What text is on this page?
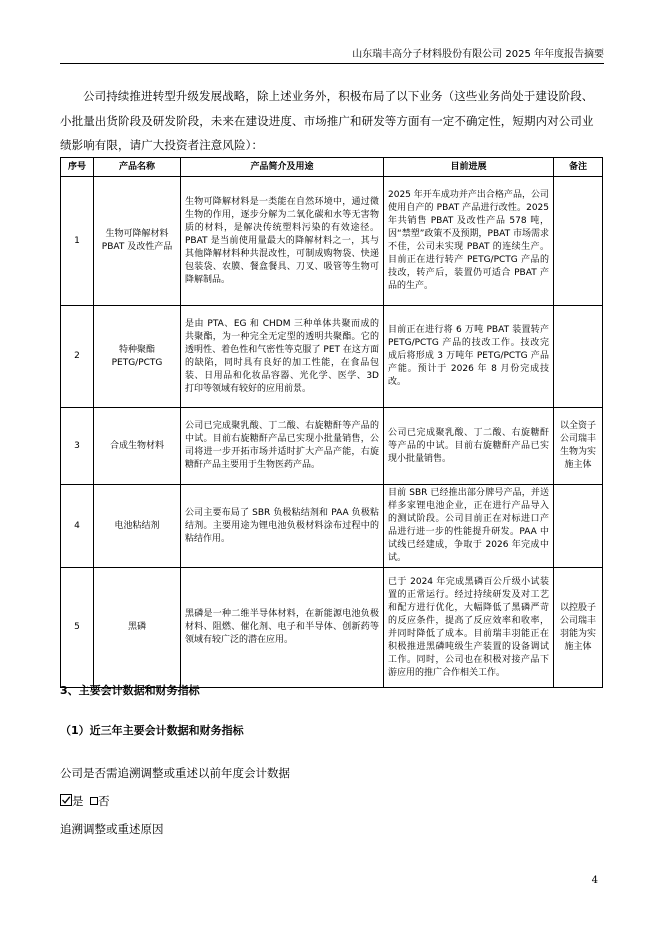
山东瑞丰高分子材料股份有限公司 2025 年年度报告摘要
公司持续推进转型升级发展战略，除上述业务外，积极布局了以下业务（这些业务尚处于建设阶段、小批量出货阶段及研发阶段，未来在建设进度、市场推广和研发等方面有一定不确定性，短期内对公司业绩影响有限，请广大投资者注意风险）：
序号	产品名称	产品简介及用途	目前进展	备注
1	生物可降解材料 PBAT 及改性产品	生物可降解材料是一类能在自然环境中，通过微生物的作用，逐步分解为二氧化碳和水等无害物质的材料，是解决传统塑料污染的有效途径。PBAT 是当前使用量最大的降解材料之一，其与其他降解材料种共混改性，可制成购物袋、快递包装袋、农膜、餐盒餐具、刀叉、吸管等生物可降解制品。	2025 年开车成功并产出合格产品，公司使用自产的 PBAT 产品进行改性。2025 年共销售 PBAT 及改性产品 578 吨，因“禁塑”政策不及预期，PBAT 市场需求不佳，公司未实现 PBAT 的连续生产。目前正在进行转产 PETG/PCTG 产品的技改，转产后，装置仍可适合 PBAT 产品的生产。	
2	特种聚酯 PETG/PCTG	是由 PTA、EG 和 CHDM 三种单体共聚而成的共聚酯，为一种完全无定型的透明共聚酯。它的透明性、着色性和气密性等克服了 PET 在这方面的缺陷，同时具有良好的加工性能，在食品包装、日用品和化妆品容器、光化学、医学、3D 打印等领域有较好的应用前景。	目前正在进行将 6 万吨 PBAT 装置转产 PETG/PCTG 产品的技改工作。技改完成后将形成 3 万吨年 PETG/PCTG 产品产能。预计于 2026 年 8 月份完成技改。	
3	合成生物材料	公司已完成聚乳酸、丁二酸、右旋糖酐等产品的中试。目前右旋糖酐产品已实现小批量销售，公司将进一步开拓市场并适时扩大产品产能，右旋糖酐产品主要用于生物医药产品。	公司已完成聚乳酸、丁二酸、右旋糖酐等产品的中试。目前右旋糖酐产品已实现小批量销售。	以全资子公司瑞丰生物为实施主体
4	电池粘结剂	公司主要布局了 SBR 负极粘结剂和 PAA 负极粘结剂。主要用途为锂电池负极材料涂布过程中的粘结作用。	目前 SBR 已经推出部分牌号产品，并送样多家锂电池企业，正在进行产品导入的测试阶段。公司目前正在对标进口产品进行进一步的性能提升研发。PAA 中试线已经建成，争取于 2026 年完成中试。	
5	黑磷	黑磷是一种二维半导体材料，在新能源电池负极材料、阻燃、催化剂、电子和半导体、创新药等领域有较广泛的潜在应用。	已于 2024 年完成黑磷百公斤级小试装置的正常运行。经过持续研发及对工艺和配方进行优化，大幅降低了黑磷严苛的反应条件，提高了反应效率和收率，并同时降低了成本。目前瑞丰羽能正在积极推进黑磷吨级生产装置的设备调试工作。同时，公司也在积极对接产品下游应用的推广合作相关工作。	以控股子公司瑞丰羽能为实施主体
3、主要会计数据和财务指标
（1）近三年主要会计数据和财务指标
公司是否需追溯调整或重述以前年度会计数据
是 否
追溯调整或重述原因
4
